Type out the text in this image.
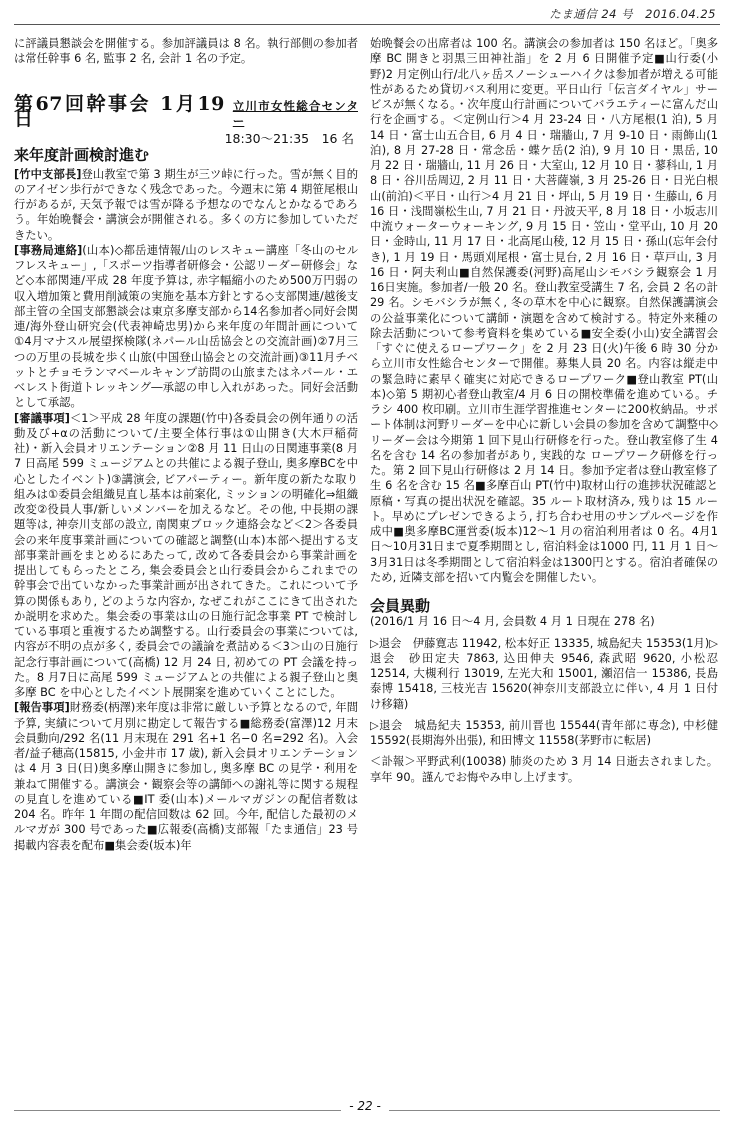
たま通信 24 号　2016.04.25

に評議員懇談会を開催する。参加評議員は 8 名。執行部側の参加者は常任幹事 6 名, 監事 2 名, 会計 1 名の予定。

第67回幹事会 1月19日
立川市女性総合センター
18:30～21:35　16 名
来年度計画検討進む

[竹中支部長]登山教室で第 3 期生が三ツ峠に行った。雪が無く目的のアイゼン歩行ができなく残念であった。今週末に第 4 期笹尾根山行があるが, 天気予報では雪が降る予想なのでなんとかなるであろう。年始晩餐会・講演会が開催される。多くの方に参加していただきたい。

[事務局連絡](山本)◇都岳連情報/山のレスキュー講座「冬山のセルフレスキュー」,「スポーツ指導者研修会・公認リーダー研修会」など◇本部関連/平成 28 年度予算は, 赤字幅縮小のため500万円弱の収入増加策と費用削減策の実施を基本方針とする◇支部関連/越後支部主管の全国支部懇談会は東京多摩支部から14名参加者◇同好会関連/海外登山研究会(代表神崎忠男)から来年度の年間計画について①4月マナスル展望探検隊(ネパール山岳協会との交流計画)②7月三つの万里の長城を歩く山旅(中国登山協会との交流計画)③11月チベットとチョモランマベールキャンプ訪問の山旅またはネパール・エベレスト街道トレッキング―承認の申し入れがあった。同好会活動として承認。

[審議事項]＜1＞平成 28 年度の課題(竹中)各委員会の例年通りの活動及び+αの活動について/主要全体行事は①山開き(大木戸稲荷社)・新入会員オリエンテーション②8 月 11 日山の日関連事業(8 月 7 日高尾 599 ミュージアムとの共催による親子登山, 奥多摩BCを中心としたイベント)③講演会, ビアパーティー。新年度の新たな取り組みは①委員会組織見直し基本は前案化, ミッションの明確化⇒組織改変②役員人事/新しいメンバーを加えるなど。その他, 中長期の課題等は, 神奈川支部の設立, 南関東ブロック連絡会など＜2＞各委員会の来年度事業計画についての確認と調整(山本)本部へ提出する支部事業計画をまとめるにあたって, 改めて各委員会から事業計画を提出してもらったところ, 集会委員会と山行委員会からこれまでの幹事会で出ていなかった事業計画が出されてきた。これについて予算の関係もあり, どのような内容か, なぜこれがここにきて出されたか説明を求めた。集会委の事業は山の日施行記念事業 PT で検討している事項と重複するため調整する。山行委員会の事業については, 内容が不明の点が多く, 委員会での議論を煮詰める＜3＞山の日施行記念行事計画について(高橋) 12 月 24 日, 初めての PT 会議を持った。8 月7日に高尾 599 ミュージアムとの共催による親子登山と奥多摩 BC を中心としたイベント展開案を進めていくことにした。

[報告事項]財務委(柄澤)来年度は非常に厳しい予算となるので, 年間予算, 実績について月別に勘定して報告する■総務委(富澤)12 月末会員動向/292 名(11 月末現在 291 名+1 名−0 名=292 名)。入会者/益子穂高(15815, 小金井市 17 歳), 新入会員オリエンテーションは 4 月 3 日(日)奥多摩山開きに参加し, 奥多摩 BC の見学・利用を兼ねて開催する。講演会・観察会等の講師への謝礼等に関する規程の見直しを進めている■IT 委(山本)メールマガジンの配信者数は 204 名。昨年 1 年間の配信回数は 62 回。今年, 配信した最初のメルマガが 300 号であった■広報委(高橋)支部報「たま通信」23 号掲載内容表を配布■集会委(坂本)年

始晩餐会の出席者は 100 名。講演会の参加者は 150 名ほど。「奥多摩 BC 開きと羽黒三田神社詣」を 2 月 6 日開催予定■山行委(小野)2 月定例山行/北八ヶ岳スノーシューハイクは参加者が増える可能性があるため貸切バス利用に変更。平日山行「伝言ダイヤル」サービスが無くなる。・次年度山行計画についてバラエティーに富んだ山行を企画する。＜定例山行＞4 月 23-24 日・八方尾根(1 泊), 5 月 14 日・富士山五合目, 6 月 4 日・瑞牆山, 7 月 9-10 日・雨飾山(1 泊), 8 月 27-28 日・常念岳・蝶ケ岳(2 泊), 9 月 10 日・黒岳, 10 月 22 日・瑞牆山, 11 月 26 日・大室山, 12 月 10 日・蓼科山, 1 月 8 日・谷川岳周辺, 2 月 11 日・大菩薩嶺, 3 月 25-26 日・日光白根山(前泊)＜平日・山行＞4 月 21 日・坪山, 5 月 19 日・生藤山, 6 月 16 日・浅間嶺松生山, 7 月 21 日・丹波天平, 8 月 18 日・小坂志川中流ウォーターウォーキング, 9 月 15 日・笠山・堂平山, 10 月 20 日・金時山, 11 月 17 日・北高尾山稜, 12 月 15 日・孫山(忘年会付き), 1 月 19 日・馬頭刈尾根・富士見台, 2 月 16 日・草戸山, 3 月 16 日・阿夫利山■自然保護委(河野)高尾山シモバシラ観察会 1 月16日実施。参加者/一般 20 名。登山教室受講生 7 名, 会員 2 名の計 29 名。シモバシラが無く, 冬の草木を中心に観察。自然保護講演会の公益事業化について講師・演題を含めて検討する。特定外来種の除去活動について参考資料を集めている■安全委(小山)安全講習会「すぐに使えるロープワーク」を 2 月 23 日(火)午後 6 時 30 分から立川市女性総合センターで開催。募集人員 20 名。内容は縦走中の緊急時に素早く確実に対応できるロープワーク■登山教室 PT(山本)◇第 5 期初心者登山教室/4 月 6 日の開校準備を進めている。チラシ 400 枚印刷。立川市生涯学習推進センターに200枚納品。サポート体制は河野リーダーを中心に新しい会員の参加を含めて調整中◇リーダー会は今期第 1 回下見山行研修を行った。登山教室修了生 4 名を含む 14 名の参加者があり, 実践的な ロープワーク研修を行った。第 2 回下見山行研修は 2 月 14 日。参加予定者は登山教室修了生 6 名を含む 15 名■多摩百山 PT(竹中)取材山行の進捗状況確認と原稿・写真の提出状況を確認。35 ルート取材済み, 残りは 15 ルート。早めにプレゼンできるよう, 打ち合わせ用のサンプルページを作成中■奥多摩BC運営委(坂本)12～1 月の宿泊利用者は 0 名。4月1日～10月31日まで夏季期間とし, 宿泊料金は1000 円, 11 月 1 日～3月31日は冬季期間として宿泊料金は1300円とする。宿泊者確保のため, 近隣支部を招いて内覧会を開催したい。

会員異動

(2016/1 月 16 日～4 月, 会員数 4 月 1 日現在 278 名)

▷退会　伊藤寛志 11942, 松本好正 13335, 城島紀夫 15353(1月)▷退会　砂田定夫 7863, 込田伸夫 9546, 森武昭 9620, 小松忍 12514, 大槻利行 13019, 左光大和 15001, 瀬沼信一 15386, 長島泰博 15418, 三枝光吉 15620(神奈川支部設立に伴い, 4 月 1 日付け移籍)

▷退会　城島紀夫 15353, 前川晋也 15544(青年部に専念), 中杉健 15592(長期海外出張), 和田博文 11558(茅野市に転居)

＜訃報＞平野武利(10038) 肺炎のため 3 月 14 日逝去されました。享年 90。謹んでお悔やみ申し上げます。

- 22 -
